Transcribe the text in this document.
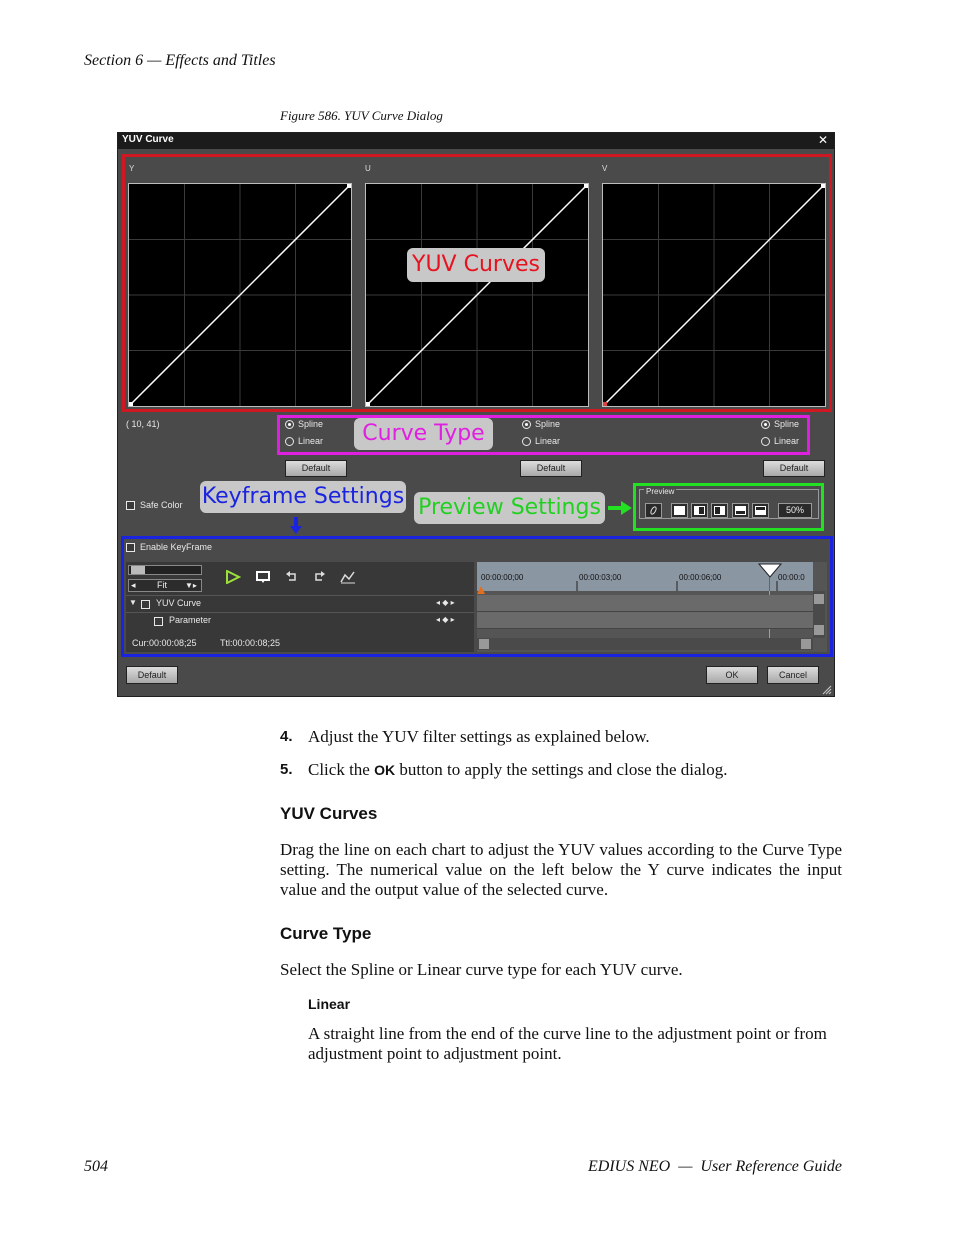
Section 6 — Effects and Titles
Figure 586. YUV Curve Dialog
YUV Curve	✕
Y	U	V
YUV Curves
( 10, 41)	Spline
Linear
Spline
Linear
Spline
Linear
Curve Type
Default	Default	Default
Safe Color Keyframe Settings Preview Settings
Preview
50%
Enable KeyFrame
◂ Fit ▼▸
▼ YUV Curve	◂ ◆ ▸
Parameter	◂ ◆ ▸
Cur:00:00:08;25	Ttl:00:00:08;25
00:00:00;00	00:00:03;00	00:00:06;00	00:00:0
Default	OK	Cancel
4. Adjust the YUV filter settings as explained below.
5. Click the OK button to apply the settings and close the dialog.
YUV Curves
Drag the line on each chart to adjust the YUV values according to the Curve Type setting. The numerical value on the left below the Y curve indicates the input value and the output value of the selected curve.
Curve Type
Select the Spline or Linear curve type for each YUV curve.
Linear
A straight line from the end of the curve line to the adjustment point or from adjustment point to adjustment point.
504	EDIUS NEO  —  User Reference Guide
